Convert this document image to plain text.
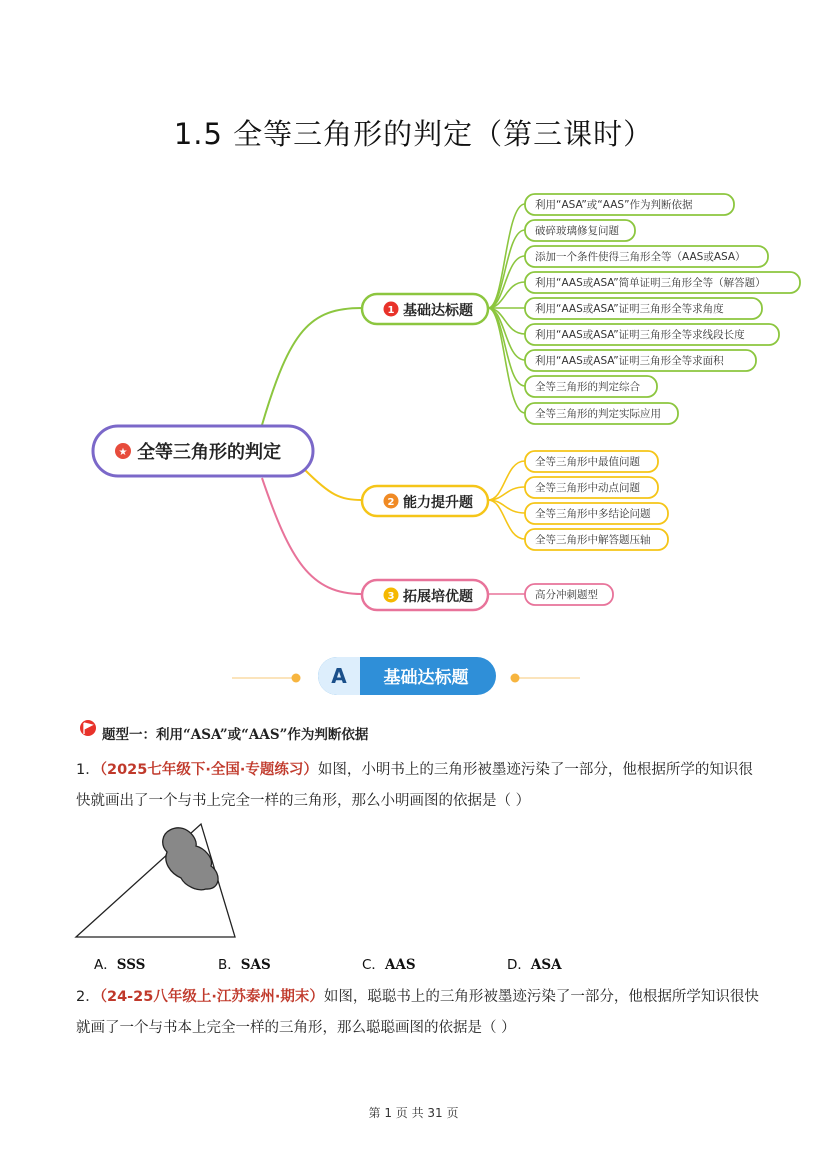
1.5 全等三角形的判定（第三课时）
★ 全等三角形的判定
1 基础达标题
2 能力提升题
3 拓展培优题
利用“ASA”或“AAS”作为判断依据
破碎玻璃修复问题
添加一个条件使得三角形全等（AAS或ASA）
利用“AAS或ASA”简单证明三角形全等（解答题）
利用“AAS或ASA”证明三角形全等求角度
利用“AAS或ASA”证明三角形全等求线段长度
利用“AAS或ASA”证明三角形全等求面积
全等三角形的判定综合
全等三角形的判定实际应用
全等三角形中最值问题
全等三角形中动点问题
全等三角形中多结论问题
全等三角形中解答题压轴
高分冲刺题型
A 基础达标题
题型一：利用“ASA”或“AAS”作为判断依据
1．（2025七年级下·全国·专题练习）如图，小明书上的三角形被墨迹污染了一部分，他根据所学的知识很
快就画出了一个与书上完全一样的三角形，那么小明画图的依据是（ ）
A．SSS	B．SAS	C．AAS	D．ASA
2．（24-25八年级上·江苏泰州·期末）如图，聪聪书上的三角形被墨迹污染了一部分，他根据所学知识很快
就画了一个与书本上完全一样的三角形，那么聪聪画图的依据是（ ）
第 1 页 共 31 页
